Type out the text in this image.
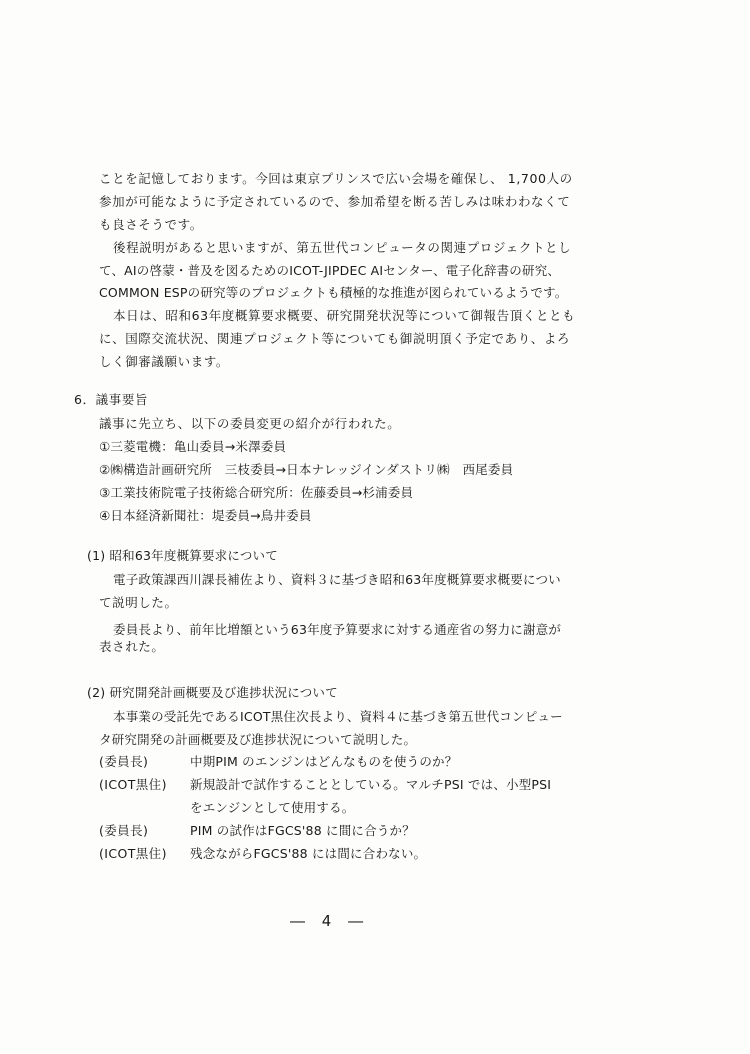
ことを記憶しております。今回は東京プリンスで広い会場を確保し、 1,700人の

参加が可能なように予定されているので、参加希望を断る苦しみは味わわなくて

も良さそうです。

後程説明があると思いますが、第五世代コンピュータの関連プロジェクトとし

て、AIの啓蒙・普及を図るためのICOT-JIPDEC AIセンター、電子化辞書の研究、

COMMON ESPの研究等のプロジェクトも積極的な推進が図られているようです。

本日は、昭和63年度概算要求概要、研究開発状況等について御報告頂くととも

に、国際交流状況、関連プロジェクト等についても御説明頂く予定であり、よろ

しく御審議願います。

6．議事要旨

議事に先立ち、以下の委員変更の紹介が行われた。

①三菱電機：亀山委員→米澤委員

②㈱構造計画研究所　三枝委員→日本ナレッジインダストリ㈱　西尾委員

③工業技術院電子技術総合研究所：佐藤委員→杉浦委員

④日本経済新聞社：堤委員→鳥井委員

(1) 昭和63年度概算要求について

電子政策課西川課長補佐より、資料３に基づき昭和63年度概算要求概要につい

て説明した。

委員長より、前年比増額という63年度予算要求に対する通産省の努力に謝意が

表された。

(2) 研究開発計画概要及び進捗状況について

本事業の受託先であるICOT黒住次長より、資料４に基づき第五世代コンピュー

タ研究開発の計画概要及び進捗状況について説明した。

(委員長)	中期PIM のエンジンはどんなものを使うのか？
(ICOT黒住) 新規設計で試作することとしている。マルチPSI では、小型PSI
をエンジンとして使用する。
(委員長)	PIM の試作はFGCS'88 に間に合うか？
(ICOT黒住) 残念ながらFGCS'88 には間に合わない。
― 4 ―
